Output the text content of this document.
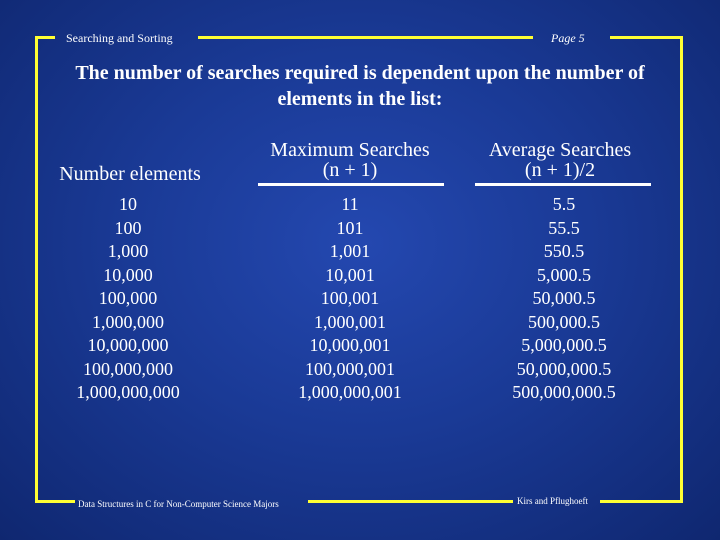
Searching and Sorting	Page 5
The number of searches required is dependent upon the number of elements in the list:
Number elements
10
100
1,000
10,000
100,000
1,000,000
10,000,000
100,000,000
1,000,000,000
Maximum Searches
(n + 1)
11
101
1,001
10,001
100,001
1,000,001
10,000,001
100,000,001
1,000,000,001
Average Searches
(n + 1)/2
5.5
55.5
550.5
5,000.5
50,000.5
500,000.5
5,000,000.5
50,000,000.5
500,000,000.5
Data Structures in C for Non-Computer Science Majors	Kirs and Pflughoeft
